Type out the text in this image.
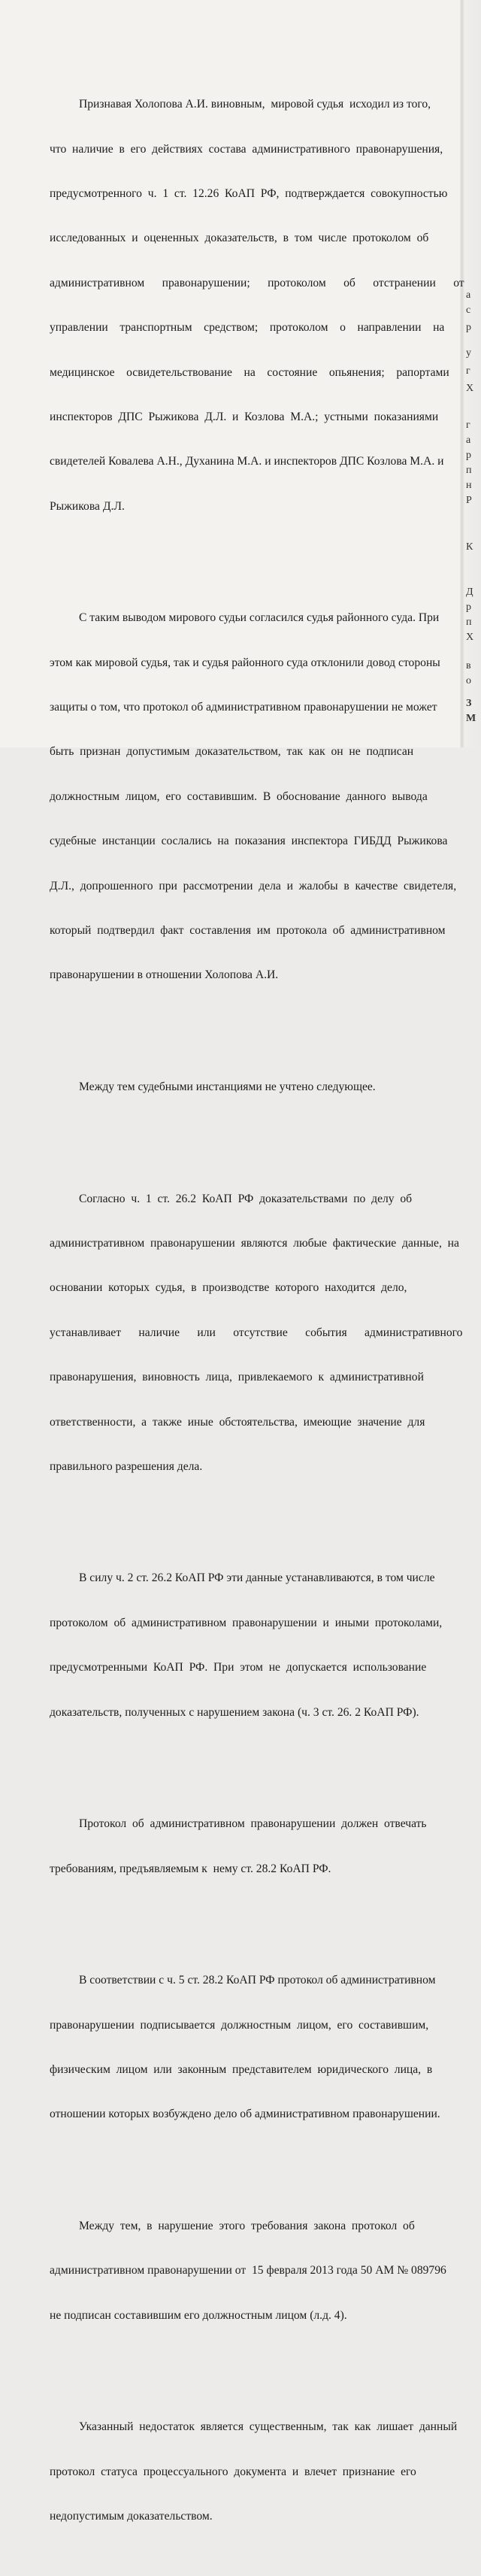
Признавая Холопова А.И. виновным,  мировой судья  исходил из того,

что  наличие  в  его  действиях  состава  административного  правонарушения,

предусмотренного  ч.  1  ст.  12.26  КоАП  РФ,  подтверждается  совокупностью

исследованных  и  оцененных  доказательств,  в  том  числе  протоколом  об

административном      правонарушении;      протоколом      об      отстранении      от

управлении    транспортным    средством;    протоколом    о    направлении    на

медицинское    освидетельствование    на    состояние    опьянения;    рапортами

инспекторов  ДПС  Рыжикова  Д.Л.  и  Козлова  М.А.;  устными  показаниями

свидетелей Ковалева А.Н., Духанина М.А. и инспекторов ДПС Козлова М.А. и

Рыжикова Д.Л.

С таким выводом мирового судьи согласился судья районного суда. При

этом как мировой судья, так и судья районного суда отклонили довод стороны

защиты о том, что протокол об административном правонарушении не может

быть  признан  допустимым  доказательством,  так  как  он  не  подписан

должностным  лицом,  его  составившим.  В  обоснование  данного  вывода

судебные  инстанции  сослались  на  показания  инспектора  ГИБДД  Рыжикова

Д.Л.,  допрошенного  при  рассмотрении  дела  и  жалобы  в  качестве  свидетеля,

который  подтвердил  факт  составления  им  протокола  об  административном

правонарушении в отношении Холопова А.И.

Между тем судебными инстанциями не учтено следующее.

Согласно  ч.  1  ст.  26.2  КоАП  РФ  доказательствами  по  делу  об

административном  правонарушении  являются  любые  фактические  данные,  на

основании  которых  судья,  в  производстве  которого  находится  дело,

устанавливает      наличие      или      отсутствие      события      административного

правонарушения,  виновность  лица,  привлекаемого  к  административной

ответственности,  а  также  иные  обстоятельства,  имеющие  значение  для

правильного разрешения дела.

В силу ч. 2 ст. 26.2 КоАП РФ эти данные устанавливаются, в том числе

протоколом  об  административном  правонарушении  и  иными  протоколами,

предусмотренными  КоАП  РФ.  При  этом  не  допускается  использование

доказательств, полученных с нарушением закона (ч. 3 ст. 26. 2 КоАП РФ).

Протокол  об  административном  правонарушении  должен  отвечать

требованиям, предъявляемым к  нему ст. 28.2 КоАП РФ.

В соответствии с ч. 5 ст. 28.2 КоАП РФ протокол об административном

правонарушении  подписывается  должностным  лицом,  его  составившим,

физическим  лицом  или  законным  представителем  юридического  лица,  в

отношении которых возбуждено дело об административном правонарушении.

Между  тем,  в  нарушение  этого  требования  закона  протокол  об

административном правонарушении от  15 февраля 2013 года 50 АМ № 089796

не подписан составившим его должностным лицом (л.д. 4).

Указанный  недостаток  является  существенным,  так  как  лишает  данный

протокол  статуса  процессуального  документа  и  влечет  признание  его

недопустимым доказательством.

а
с
р
у
г
Х
г
а
р
п
н
Р
К
Д
р
п
Х
в
о
З
М
